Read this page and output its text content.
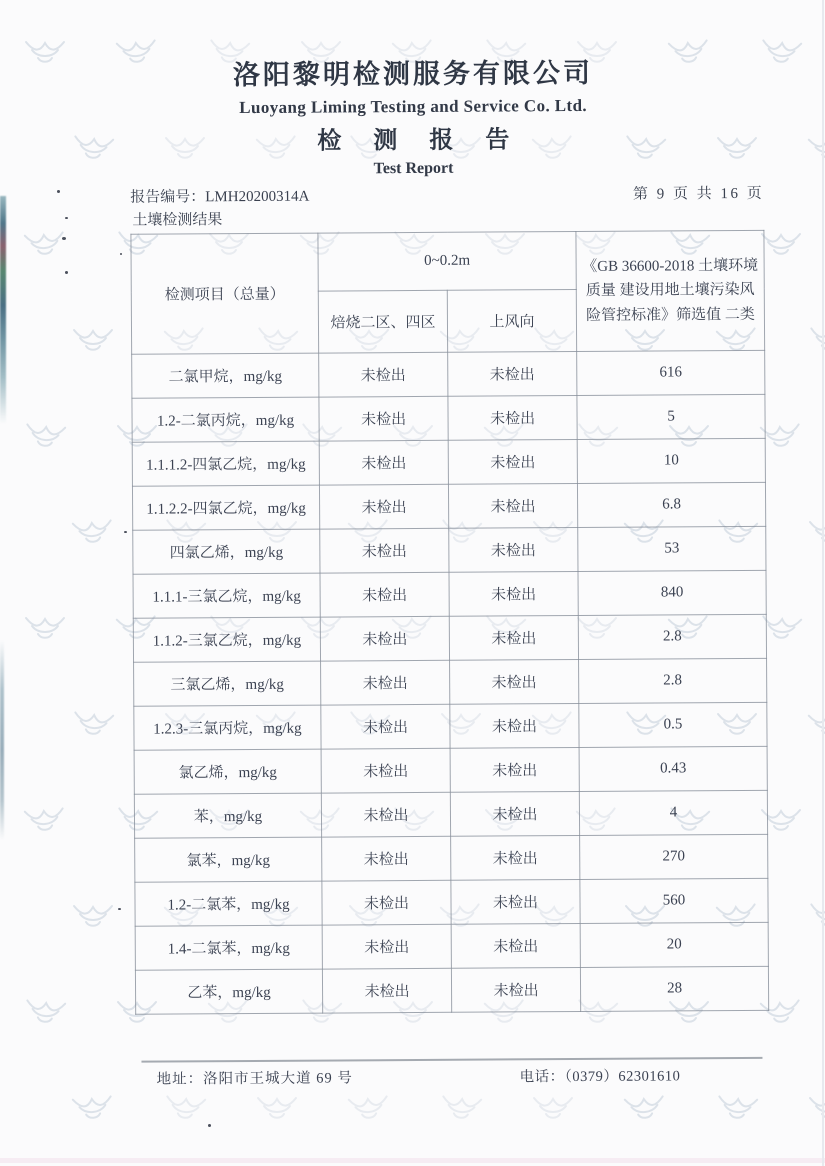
洛阳黎明检测服务有限公司
Luoyang Liming Testing and Service Co. Ltd.
检 测 报 告
Test Report
报告编号：LMH20200314A	第 9 页 共 16 页
土壤检测结果
检测项目（总量）	0~0.2m		《GB 36600-2018 土壤环境质量 建设用地土壤污染风险管控标准》筛选值 二类
	焙烧二区、四区	上风向	
二氯甲烷，mg/kg	未检出	未检出	616
1.2-二氯丙烷，mg/kg	未检出	未检出	5
1.1.1.2-四氯乙烷，mg/kg	未检出	未检出	10
1.1.2.2-四氯乙烷，mg/kg	未检出	未检出	6.8
四氯乙烯，mg/kg	未检出	未检出	53
1.1.1-三氯乙烷，mg/kg	未检出	未检出	840
1.1.2-三氯乙烷，mg/kg	未检出	未检出	2.8
三氯乙烯，mg/kg	未检出	未检出	2.8
1.2.3-三氯丙烷，mg/kg	未检出	未检出	0.5
氯乙烯，mg/kg	未检出	未检出	0.43
苯，mg/kg	未检出	未检出	4
氯苯，mg/kg	未检出	未检出	270
1.2-二氯苯，mg/kg	未检出	未检出	560
1.4-二氯苯，mg/kg	未检出	未检出	20
乙苯，mg/kg	未检出	未检出	28
地址：洛阳市王城大道 69 号	电话：（0379）62301610
